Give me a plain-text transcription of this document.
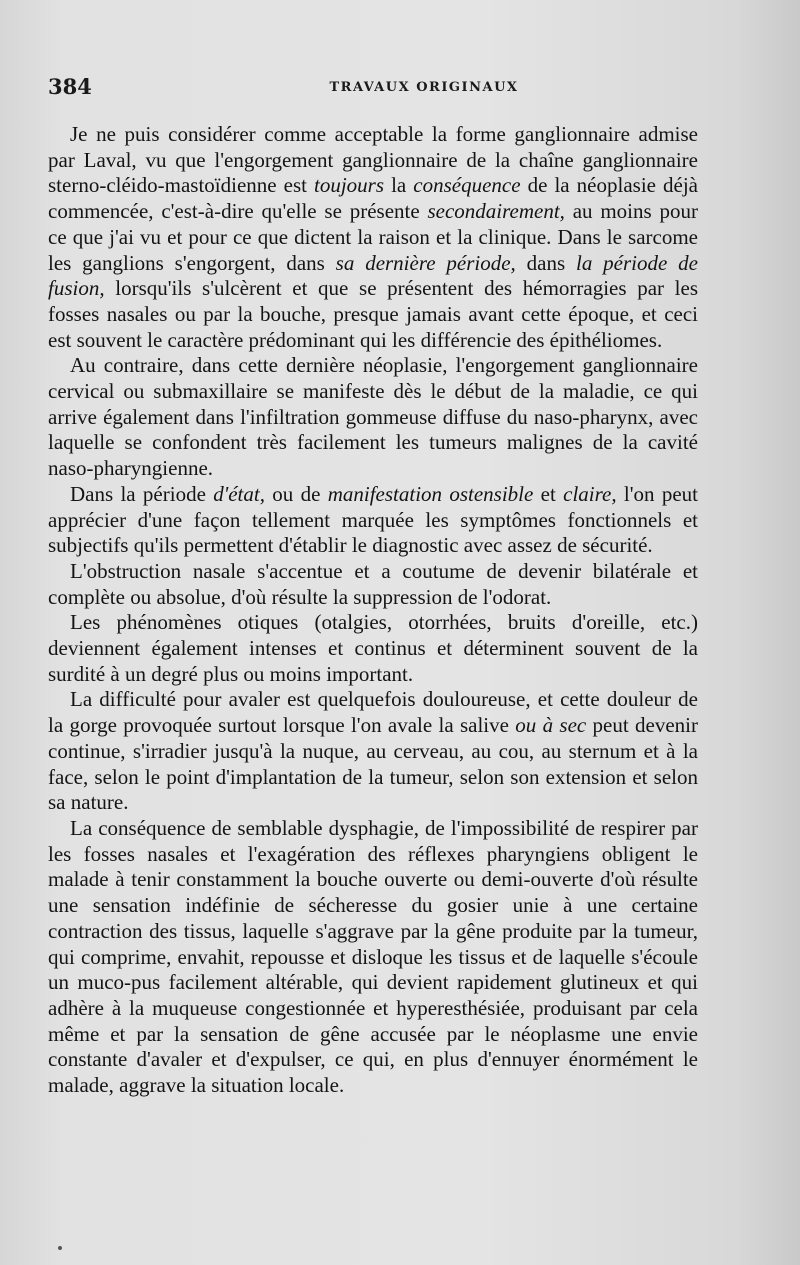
384	TRAVAUX ORIGINAUX

Je ne puis considérer comme acceptable la forme ganglionnaire admise par Laval, vu que l'engorgement ganglionnaire de la chaîne ganglionnaire sterno-cléido-mastoïdienne est toujours la conséquence de la néoplasie déjà commencée, c'est-à-dire qu'elle se présente secondairement, au moins pour ce que j'ai vu et pour ce que dictent la raison et la clinique. Dans le sarcome les ganglions s'engorgent, dans sa dernière période, dans la période de fusion, lorsqu'ils s'ulcèrent et que se présentent des hémorragies par les fosses nasales ou par la bouche, presque jamais avant cette époque, et ceci est souvent le caractère prédominant qui les différencie des épithéliomes.

Au contraire, dans cette dernière néoplasie, l'engorgement ganglionnaire cervical ou submaxillaire se manifeste dès le début de la maladie, ce qui arrive également dans l'infiltration gommeuse diffuse du naso-pharynx, avec laquelle se confondent très facilement les tumeurs malignes de la cavité naso-pharyngienne.

Dans la période d'état, ou de manifestation ostensible et claire, l'on peut apprécier d'une façon tellement marquée les symptômes fonctionnels et subjectifs qu'ils permettent d'établir le diagnostic avec assez de sécurité.

L'obstruction nasale s'accentue et a coutume de devenir bilatérale et complète ou absolue, d'où résulte la suppression de l'odorat.

Les phénomènes otiques (otalgies, otorrhées, bruits d'oreille, etc.) deviennent également intenses et continus et déterminent souvent de la surdité à un degré plus ou moins important.

La difficulté pour avaler est quelquefois douloureuse, et cette douleur de la gorge provoquée surtout lorsque l'on avale la salive ou à sec peut devenir continue, s'irradier jusqu'à la nuque, au cerveau, au cou, au sternum et à la face, selon le point d'implantation de la tumeur, selon son extension et selon sa nature.

La conséquence de semblable dysphagie, de l'impossibilité de respirer par les fosses nasales et l'exagération des réflexes pharyngiens obligent le malade à tenir constamment la bouche ouverte ou demi-ouverte d'où résulte une sensation indéfinie de sécheresse du gosier unie à une certaine contraction des tissus, laquelle s'aggrave par la gêne produite par la tumeur, qui comprime, envahit, repousse et disloque les tissus et de laquelle s'écoule un muco-pus facilement altérable, qui devient rapidement glutineux et qui adhère à la muqueuse congestionnée et hyperesthésiée, produisant par cela même et par la sensation de gêne accusée par le néoplasme une envie constante d'avaler et d'expulser, ce qui, en plus d'ennuyer énormément le malade, aggrave la situation locale.
